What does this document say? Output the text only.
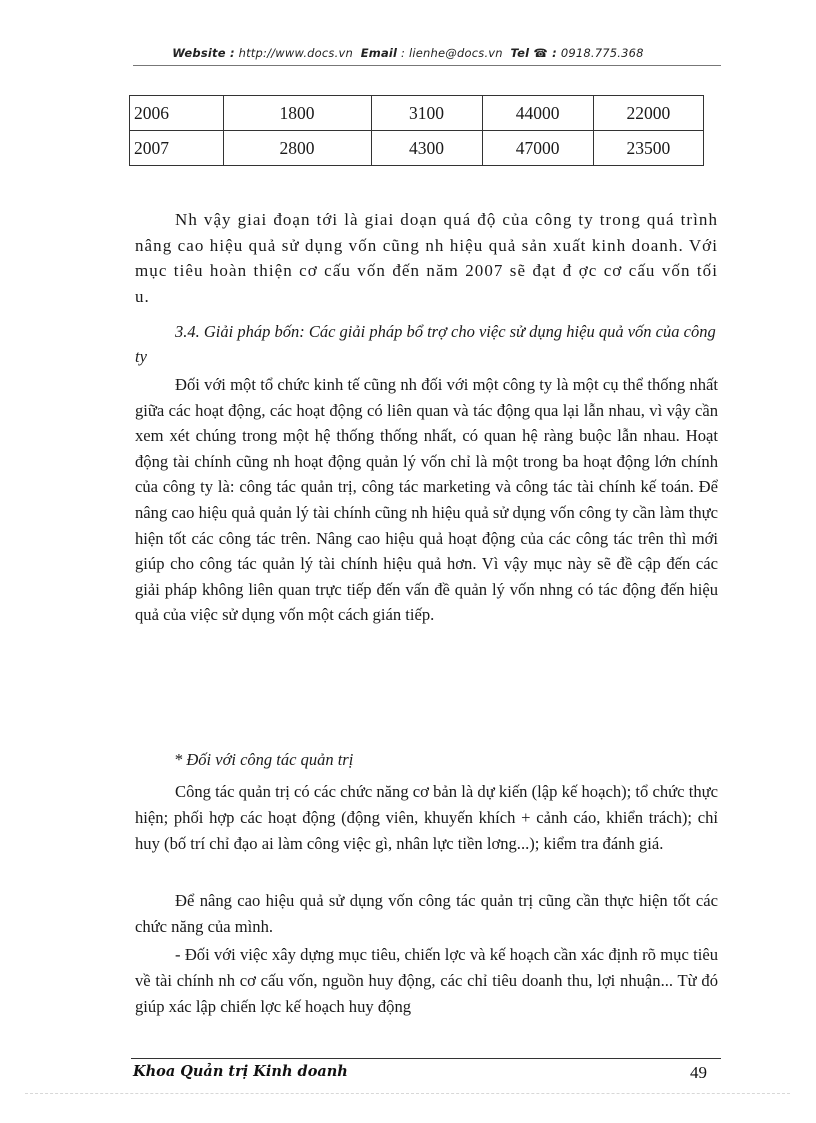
Website : http://www.docs.vn Email : lienhe@docs.vn Tel ☎ : 0918.775.368
2006	1800	3100	44000	22000
2007	2800	4300	47000	23500
Nh vậy giai đoạn tới là giai doạn quá độ của công ty trong quá trình nâng cao hiệu quả sử dụng vốn cũng nh hiệu quả sản xuất kinh doanh. Với mục tiêu hoàn thiện cơ cấu vốn đến năm 2007 sẽ đạt đ ợc cơ cấu vốn tối u.
3.4. Giải pháp bốn: Các giải pháp bổ trợ cho việc sử dụng hiệu quả vốn của công ty
Đối với một tổ chức kinh tế cũng nh đối với một công ty là một cụ thể thống nhất giữa các hoạt động, các hoạt động có liên quan và tác động qua lại lẫn nhau, vì vậy cần xem xét chúng trong một hệ thống thống nhất, có quan hệ ràng buộc lẫn nhau. Hoạt động tài chính cũng nh hoạt động quản lý vốn chỉ là một trong ba hoạt động lớn chính của công ty là: công tác quản trị, công tác marketing và công tác tài chính kế toán. Để nâng cao hiệu quả quản lý tài chính cũng nh hiệu quả sử dụng vốn công ty cần làm thực hiện tốt các công tác trên. Nâng cao hiệu quả hoạt động của các công tác trên thì mới giúp cho công tác quản lý tài chính hiệu quả hơn. Vì vậy mục này sẽ đề cập đến các giải pháp không liên quan trực tiếp đến vấn đề quản lý vốn nhng có tác động đến hiệu quả của việc sử dụng vốn một cách gián tiếp.
* Đối với công tác quản trị
Công tác quản trị có các chức năng cơ bản là dự kiến (lập kế hoạch); tổ chức thực hiện; phối hợp các hoạt động (động viên, khuyến khích + cảnh cáo, khiển trách); chỉ huy (bố trí chỉ đạo ai làm công việc gì, nhân lực tiền lơng...); kiểm tra đánh giá.
Để nâng cao hiệu quả sử dụng vốn công tác quản trị cũng cần thực hiện tốt các chức năng của mình.
- Đối với việc xây dựng mục tiêu, chiến lợc và kế hoạch cần xác định rõ mục tiêu về tài chính nh cơ cấu vốn, nguồn huy động, các chỉ tiêu doanh thu, lợi nhuận... Từ đó giúp xác lập chiến lợc kế hoạch huy động
Khoa Quản trị Kinh doanh	49
